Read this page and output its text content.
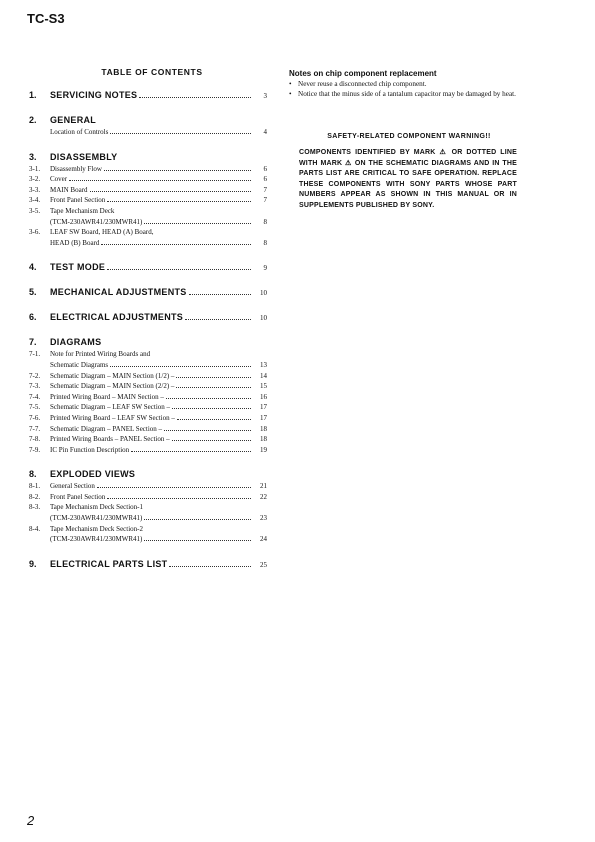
TC-S3
TABLE OF CONTENTS
1.	SERVICING NOTES	3
2.	GENERAL
Location of Controls	4
3.	DISASSEMBLY
3-1.	Disassembly Flow	6
3-2.	Cover	6
3-3.	MAIN Board	7
3-4.	Front Panel Section	7
3-5.	Tape Mechanism Deck
(TCM-230AWR41/230MWR41)	8
3-6.	LEAF SW Board, HEAD (A) Board,
HEAD (B) Board	8
4.	TEST MODE	9
5.	MECHANICAL ADJUSTMENTS	10
6.	ELECTRICAL ADJUSTMENTS	10
7.	DIAGRAMS
7-1.	Note for Printed Wiring Boards and
Schematic Diagrams	13
7-2.	Schematic Diagram – MAIN Section (1/2) –	14
7-3.	Schematic Diagram – MAIN Section (2/2) –	15
7-4.	Printed Wiring Board – MAIN Section –	16
7-5.	Schematic Diagram – LEAF SW Section –	17
7-6.	Printed Wiring Board – LEAF SW Section –	17
7-7.	Schematic Diagram – PANEL Section –	18
7-8.	Printed Wiring Boards – PANEL Section –	18
7-9.	IC Pin Function Description	19
8.	EXPLODED VIEWS
8-1.	General Section	21
8-2.	Front Panel Section	22
8-3.	Tape Mechanism Deck Section-1
(TCM-230AWR41/230MWR41)	23
8-4.	Tape Mechanism Deck Section-2
(TCM-230AWR41/230MWR41)	24
9.	ELECTRICAL PARTS LIST	25
Notes on chip component replacement
• Never reuse a disconnected chip component.
• Notice that the minus side of a tantalum capacitor may be damaged by heat.
SAFETY-RELATED COMPONENT WARNING!!
COMPONENTS IDENTIFIED BY MARK ⚠ OR DOTTED LINE WITH MARK ⚠ ON THE SCHEMATIC DIAGRAMS AND IN THE PARTS LIST ARE CRITICAL TO SAFE OPERATION. REPLACE THESE COMPONENTS WITH SONY PARTS WHOSE PART NUMBERS APPEAR AS SHOWN IN THIS MANUAL OR IN SUPPLEMENTS PUBLISHED BY SONY.
2
